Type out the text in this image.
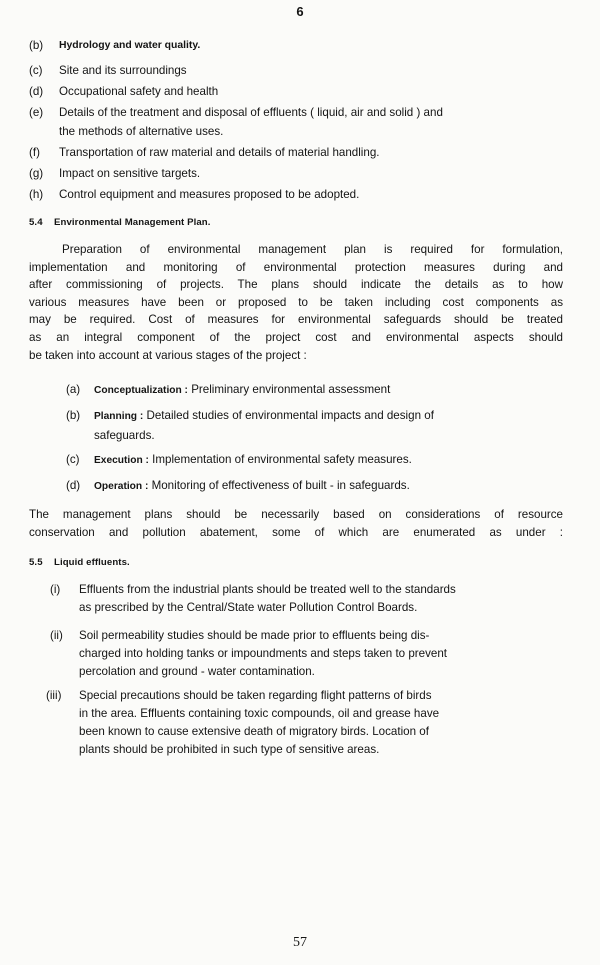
6
(b) Hydrology and water quality.
(c) Site and its surroundings
(d) Occupational safety and health
(e) Details of the treatment and disposal of effluents ( liquid, air and solid ) and
the methods of alternative uses.
(f) Transportation of raw material and details of material handling.
(g) Impact on sensitive targets.
(h) Control equipment and measures proposed to be adopted.
5.4 Environmental Management Plan.
Preparation of environmental management plan is required for formulation,
implementation and monitoring of environmental protection measures during and
after commissioning of projects. The plans should indicate the details as to how
various measures have been or proposed to be taken including cost components as
may be required. Cost of measures for environmental safeguards should be treated
as an integral component of the project cost and environmental aspects should
be taken into account at various stages of the project :
(a) Conceptualization : Preliminary environmental assessment
(b) Planning : Detailed studies of environmental impacts and design of
safeguards.
(c) Execution : Implementation of environmental safety measures.
(d) Operation : Monitoring of effectiveness of built - in safeguards.
The management plans should be necessarily based on considerations of resource
conservation and pollution abatement, some of which are enumerated as under :
5.5 Liquid effluents.
(i) Effluents from the industrial plants should be treated well to the standards
as prescribed by the Central/State water Pollution Control Boards.
(ii) Soil permeability studies should be made prior to effluents being dis-
charged into holding tanks or impoundments and steps taken to prevent
percolation and ground - water contamination.
(iii) Special precautions should be taken regarding flight patterns of birds
in the area. Effluents containing toxic compounds, oil and grease have
been known to cause extensive death of migratory birds. Location of
plants should be prohibited in such type of sensitive areas.
57
